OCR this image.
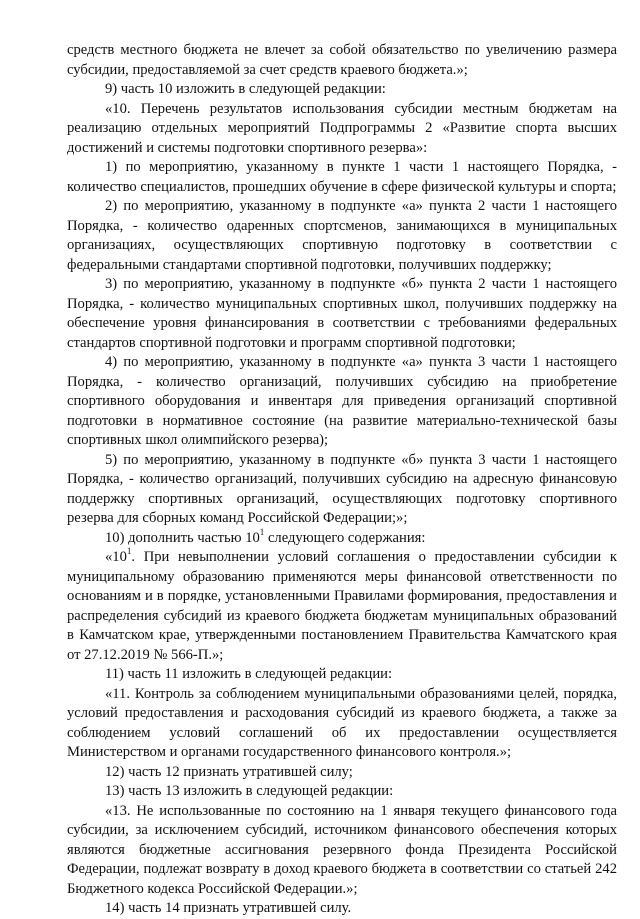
средств местного бюджета не влечет за собой обязательство по увеличению размера субсидии, предоставляемой за счет средств краевого бюджета.»;

9) часть 10 изложить в следующей редакции:

«10. Перечень результатов использования субсидии местным бюджетам на реализацию отдельных мероприятий Подпрограммы 2 «Развитие спорта высших достижений и системы подготовки спортивного резерва»:

1) по мероприятию, указанному в пункте 1 части 1 настоящего Порядка, - количество специалистов, прошедших обучение в сфере физической культуры и спорта;

2) по мероприятию, указанному в подпункте «а» пункта 2 части 1 настоящего Порядка, - количество одаренных спортсменов, занимающихся в муниципальных организациях, осуществляющих спортивную подготовку в соответствии с федеральными стандартами спортивной подготовки, получивших поддержку;

3) по мероприятию, указанному в подпункте «б» пункта 2 части 1 настоящего Порядка, - количество муниципальных спортивных школ, получивших поддержку на обеспечение уровня финансирования в соответствии с требованиями федеральных стандартов спортивной подготовки и программ спортивной подготовки;

4) по мероприятию, указанному в подпункте «а» пункта 3 части 1 настоящего Порядка, - количество организаций, получивших субсидию на приобретение спортивного оборудования и инвентаря для приведения организаций спортивной подготовки в нормативное состояние (на развитие материально-технической базы спортивных школ олимпийского резерва);

5) по мероприятию, указанному в подпункте «б» пункта 3 части 1 настоящего Порядка, - количество организаций, получивших субсидию на адресную финансовую поддержку спортивных организаций, осуществляющих подготовку спортивного резерва для сборных команд Российской Федерации;»;

10) дополнить частью $10^1$ следующего содержания:

«$10^1$. При невыполнении условий соглашения о предоставлении субсидии к муниципальному образованию применяются меры финансовой ответственности по основаниям и в порядке, установленными Правилами формирования, предоставления и распределения субсидий из краевого бюджета бюджетам муниципальных образований в Камчатском крае, утвержденными постановлением Правительства Камчатского края от 27.12.2019 № 566-П.»;

11) часть 11 изложить в следующей редакции:

«11. Контроль за соблюдением муниципальными образованиями целей, порядка, условий предоставления и расходования субсидий из краевого бюджета, а также за соблюдением условий соглашений об их предоставлении осуществляется Министерством и органами государственного финансового контроля.»;

12) часть 12 признать утратившей силу;

13) часть 13 изложить в следующей редакции:

«13. Не использованные по состоянию на 1 января текущего финансового года субсидии, за исключением субсидий, источником финансового обеспечения которых являются бюджетные ассигнования резервного фонда Президента Российской Федерации, подлежат возврату в доход краевого бюджета в соответствии со статьей 242 Бюджетного кодекса Российской Федерации.»;

14) часть 14 признать утратившей силу.
